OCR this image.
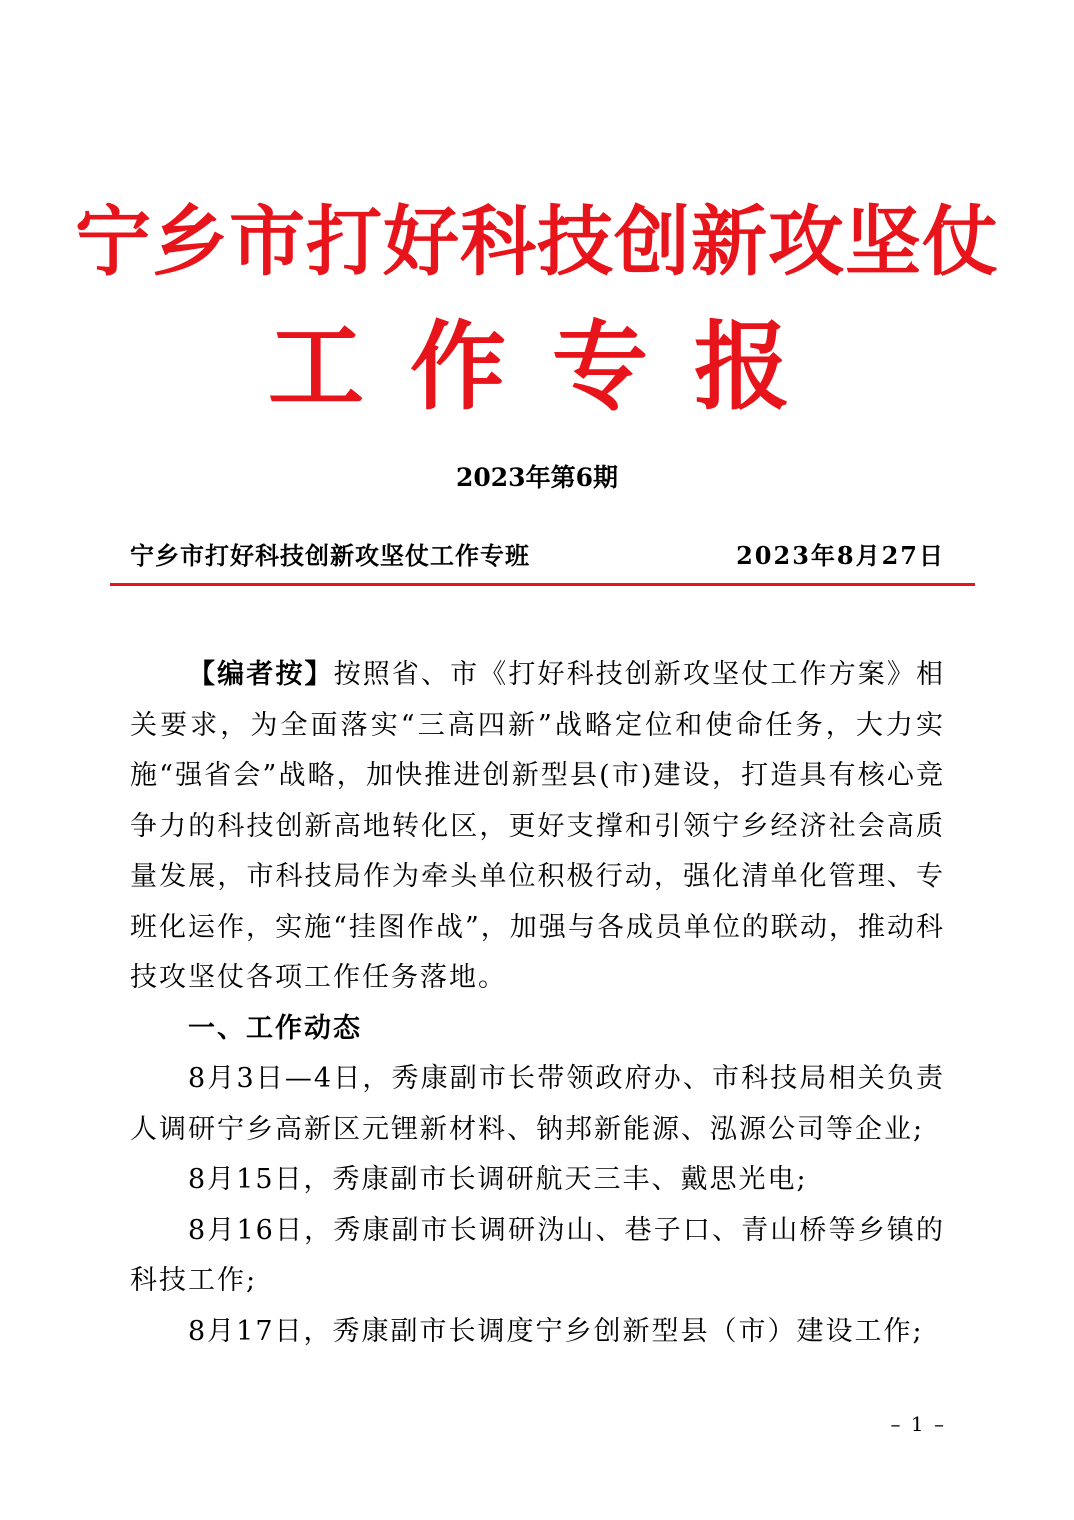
宁乡市打好科技创新攻坚仗
工作专报
2023年第6期
宁乡市打好科技创新攻坚仗工作专班	2023年8月27日

【编者按】按照省、市《打好科技创新攻坚仗工作方案》相关要求，为全面落实“三高四新”战略定位和使命任务，大力实施“强省会”战略，加快推进创新型县(市)建设，打造具有核心竞争力的科技创新高地转化区，更好支撑和引领宁乡经济社会高质量发展，市科技局作为牵头单位积极行动，强化清单化管理、专班化运作，实施“挂图作战”，加强与各成员单位的联动，推动科技攻坚仗各项工作任务落地。

一、工作动态

8月3日—4日，秀康副市长带领政府办、市科技局相关负责人调研宁乡高新区元锂新材料、钠邦新能源、泓源公司等企业;

8月15日，秀康副市长调研航天三丰、戴思光电;

8月16日，秀康副市长调研沩山、巷子口、青山桥等乡镇的科技工作;

8月17日，秀康副市长调度宁乡创新型县（市）建设工作;

– 1 –
